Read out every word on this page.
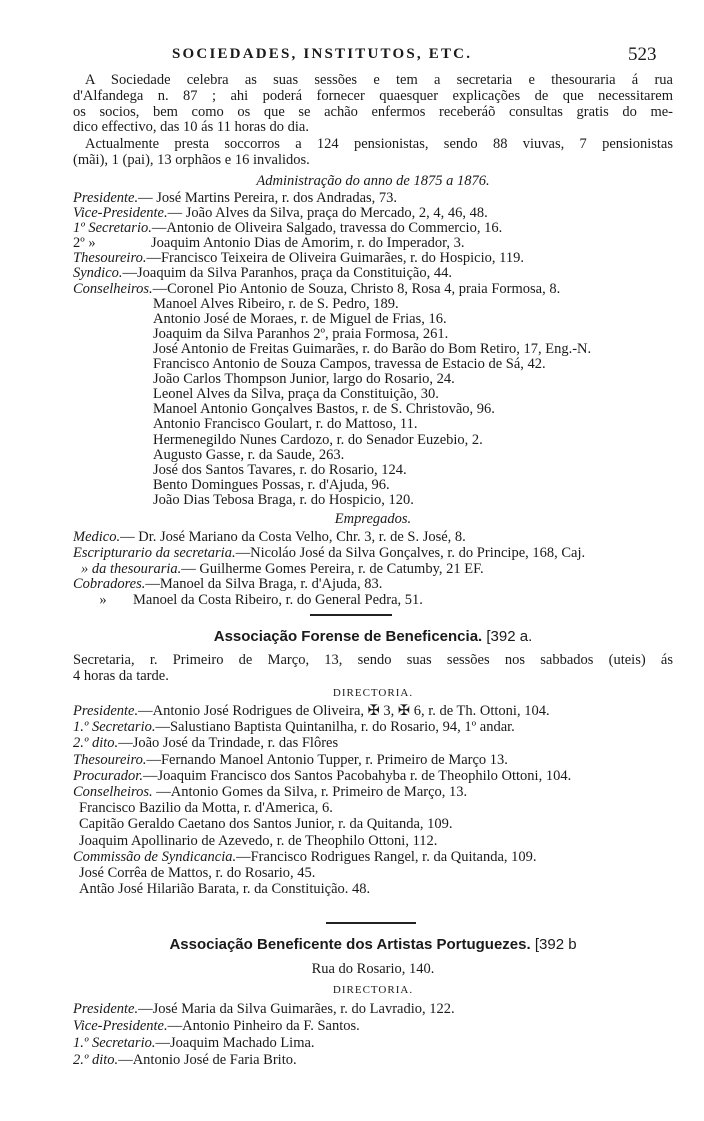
SOCIEDADES, INSTITUTOS, ETC.	523
A Sociedade celebra as suas sessões e tem a secretaria e thesouraria á rua
d'Alfandega n. 87 ; ahi poderá fornecer quaesquer explicações de que necessitarem
os socios, bem como os que se achão enfermos receberáõ consultas gratis do me-
dico effectivo, das 10 ás 11 horas do dia.
Actualmente presta soccorros a 124 pensionistas, sendo 88 viuvas, 7 pensionistas
(mãi), 1 (pai), 13 orphãos e 16 invalidos.
Administração do anno de 1875 a 1876.
Presidente.— José Martins Pereira, r. dos Andradas, 73.
Vice-Presidente.— João Alves da Silva, praça do Mercado, 2, 4, 46, 48.
1º Secretario.—Antonio de Oliveira Salgado, travessa do Commercio, 16.
2º »	Joaquim Antonio Dias de Amorim, r. do Imperador, 3.
Thesoureiro.—Francisco Teixeira de Oliveira Guimarães, r. do Hospicio, 119.
Syndico.—Joaquim da Silva Paranhos, praça da Constituição, 44.
Conselheiros.—Coronel Pio Antonio de Souza, Christo 8, Rosa 4, praia Formosa, 8.
Manoel Alves Ribeiro, r. de S. Pedro, 189.
Antonio José de Moraes, r. de Miguel de Frias, 16.
Joaquim da Silva Paranhos 2º, praia Formosa, 261.
José Antonio de Freitas Guimarães, r. do Barão do Bom Retiro, 17, Eng.-N.
Francisco Antonio de Souza Campos, travessa de Estacio de Sá, 42.
João Carlos Thompson Junior, largo do Rosario, 24.
Leonel Alves da Silva, praça da Constituição, 30.
Manoel Antonio Gonçalves Bastos, r. de S. Christovão, 96.
Antonio Francisco Goulart, r. do Mattoso, 11.
Hermenegildo Nunes Cardozo, r. do Senador Euzebio, 2.
Augusto Gasse, r. da Saude, 263.
José dos Santos Tavares, r. do Rosario, 124.
Bento Domingues Possas, r. d'Ajuda, 96.
João Dias Tebosa Braga, r. do Hospicio, 120.
Empregados.
Medico.— Dr. José Mariano da Costa Velho, Chr. 3, r. de S. José, 8.
Escripturario da secretaria.—Nicoláo José da Silva Gonçalves, r. do Principe, 168, Caj.
» da thesouraria.— Guilherme Gomes Pereira, r. de Catumby, 21 EF.
Cobradores.—Manoel da Silva Braga, r. d'Ajuda, 83.
» Manoel da Costa Ribeiro, r. do General Pedra, 51.
Associação Forense de Beneficencia. [392 a.
Secretaria, r. Primeiro de Março, 13, sendo suas sessões nos sabbados (uteis) ás
4 horas da tarde.
DIRECTORIA.
Presidente.—Antonio José Rodrigues de Oliveira, ✠ 3, ✠ 6, r. de Th. Ottoni, 104.
1.º Secretario.—Salustiano Baptista Quintanilha, r. do Rosario, 94, 1º andar.
2.º dito.—João José da Trindade, r. das Flôres
Thesoureiro.—Fernando Manoel Antonio Tupper, r. Primeiro de Março 13.
Procurador.—Joaquim Francisco dos Santos Pacobahyba r. de Theophilo Ottoni, 104.
Conselheiros. —Antonio Gomes da Silva, r. Primeiro de Março, 13.
Francisco Bazilio da Motta, r. d'America, 6.
Capitão Geraldo Caetano dos Santos Junior, r. da Quitanda, 109.
Joaquim Apollinario de Azevedo, r. de Theophilo Ottoni, 112.
Commissão de Syndicancia.—Francisco Rodrigues Rangel, r. da Quitanda, 109.
José Corrêa de Mattos, r. do Rosario, 45.
Antão José Hilarião Barata, r. da Constituição. 48.
Associação Beneficente dos Artistas Portuguezes. [392 b
Rua do Rosario, 140.
DIRECTORIA.
Presidente.—José Maria da Silva Guimarães, r. do Lavradio, 122.
Vice-Presidente.—Antonio Pinheiro da F. Santos.
1.º Secretario.—Joaquim Machado Lima.
2.º dito.—Antonio José de Faria Brito.
